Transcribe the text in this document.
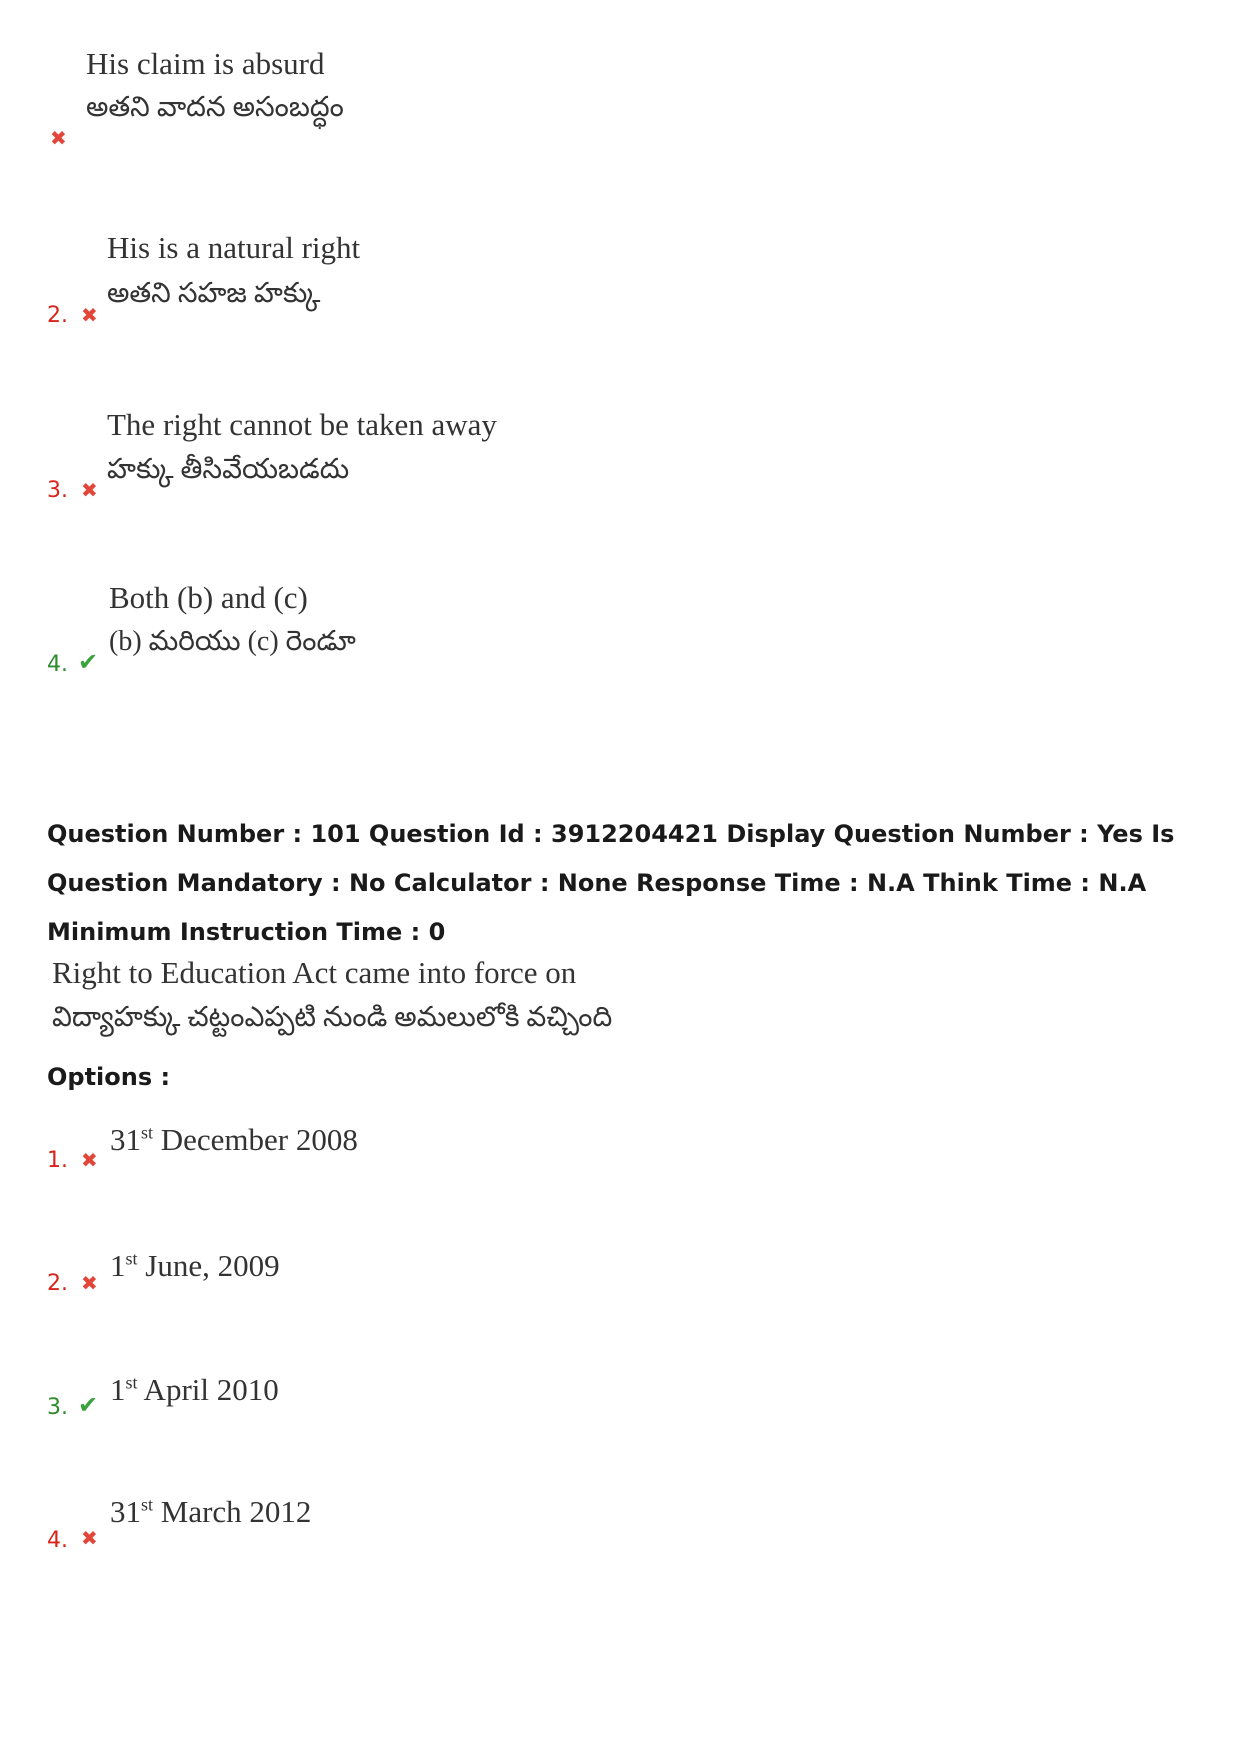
His claim is absurd
అతని వాదన అసంబద్ధం
✖
His is a natural right
అతని సహజ హక్కు
2. ✖
The right cannot be taken away
హక్కు తీసివేయబడదు
3. ✖
Both (b) and (c)
(b) మరియు (c) రెండూ
4. ✔
Question Number : 101 Question Id : 3912204421 Display Question Number : Yes Is Question Mandatory : No Calculator : None Response Time : N.A Think Time : N.A Minimum Instruction Time : 0
Right to Education Act came into force on
విద్యాహక్కు చట్టంఎప్పటి నుండి అమలులోకి వచ్చింది
Options :
1. ✖
31st December 2008
2. ✖ 1st June, 2009
3. ✔ 1st April 2010
4. ✖
31st March 2012
